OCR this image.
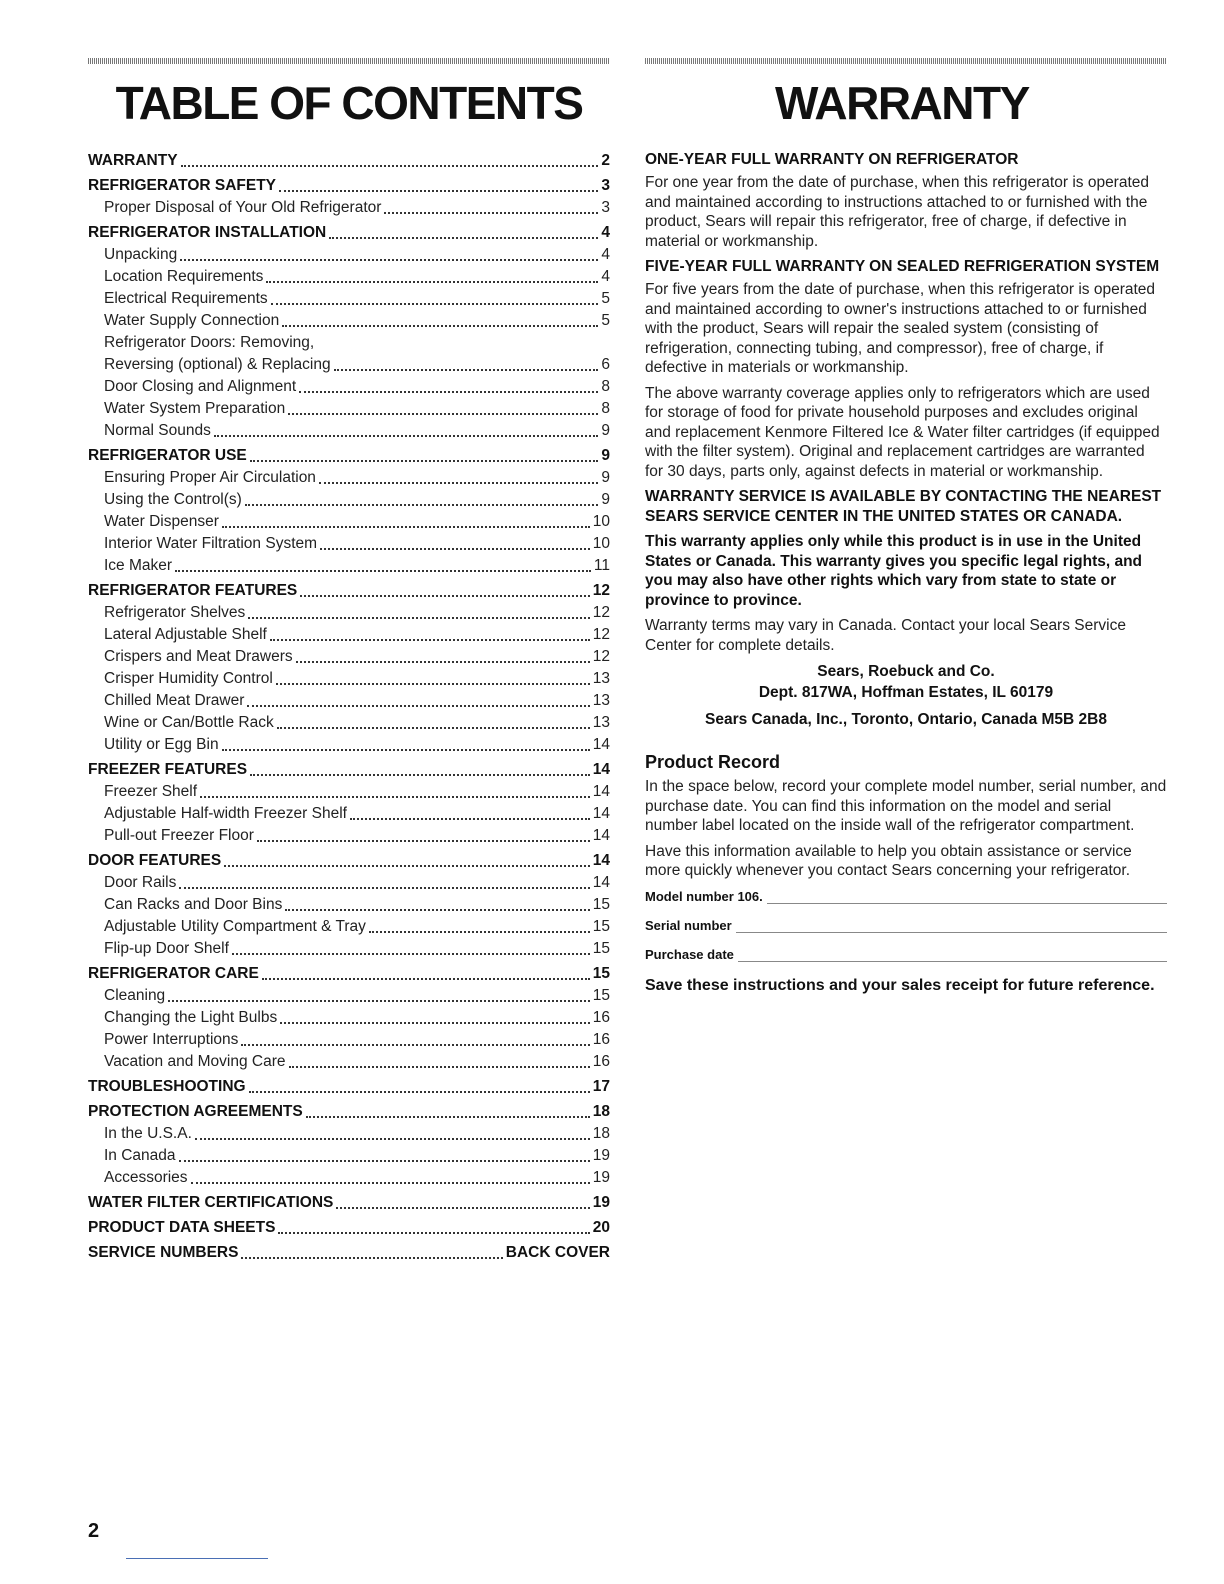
TABLE OF CONTENTS
WARRANTY	2
REFRIGERATOR SAFETY	3
Proper Disposal of Your Old Refrigerator	3
REFRIGERATOR INSTALLATION	4
Unpacking	4
Location Requirements	4
Electrical Requirements	5
Water Supply Connection	5
Refrigerator Doors: Removing,
Reversing (optional) & Replacing	6
Door Closing and Alignment	8
Water System Preparation	8
Normal Sounds	9
REFRIGERATOR USE	9
Ensuring Proper Air Circulation	9
Using the Control(s)	9
Water Dispenser	10
Interior Water Filtration System	10
Ice Maker	11
REFRIGERATOR FEATURES	12
Refrigerator Shelves	12
Lateral Adjustable Shelf	12
Crispers and Meat Drawers	12
Crisper Humidity Control	13
Chilled Meat Drawer	13
Wine or Can/Bottle Rack	13
Utility or Egg Bin	14
FREEZER FEATURES	14
Freezer Shelf	14
Adjustable Half-width Freezer Shelf	14
Pull-out Freezer Floor	14
DOOR FEATURES	14
Door Rails	14
Can Racks and Door Bins	15
Adjustable Utility Compartment & Tray	15
Flip-up Door Shelf	15
REFRIGERATOR CARE	15
Cleaning	15
Changing the Light Bulbs	16
Power Interruptions	16
Vacation and Moving Care	16
TROUBLESHOOTING	17
PROTECTION AGREEMENTS	18
In the U.S.A.	18
In Canada	19
Accessories	19
WATER FILTER CERTIFICATIONS	19
PRODUCT DATA SHEETS	20
SERVICE NUMBERS	BACK COVER
WARRANTY

ONE-YEAR FULL WARRANTY ON REFRIGERATOR

For one year from the date of purchase, when this refrigerator is operated and maintained according to instructions attached to or furnished with the product, Sears will repair this refrigerator, free of charge, if defective in material or workmanship.

FIVE-YEAR FULL WARRANTY ON SEALED REFRIGERATION SYSTEM

For five years from the date of purchase, when this refrigerator is operated and maintained according to owner's instructions attached to or furnished with the product, Sears will repair the sealed system (consisting of refrigeration, connecting tubing, and compressor), free of charge, if defective in materials or workmanship.

The above warranty coverage applies only to refrigerators which are used for storage of food for private household purposes and excludes original and replacement Kenmore Filtered Ice & Water filter cartridges (if equipped with the filter system). Original and replacement cartridges are warranted for 30 days, parts only, against defects in material or workmanship.

WARRANTY SERVICE IS AVAILABLE BY CONTACTING THE NEAREST SEARS SERVICE CENTER IN THE UNITED STATES OR CANADA.

This warranty applies only while this product is in use in the United States or Canada. This warranty gives you specific legal rights, and you may also have other rights which vary from state to state or province to province.

Warranty terms may vary in Canada. Contact your local Sears Service Center for complete details.

Sears, Roebuck and Co.
Dept. 817WA, Hoffman Estates, IL 60179
Sears Canada, Inc., Toronto, Ontario, Canada M5B 2B8
Product Record

In the space below, record your complete model number, serial number, and purchase date. You can find this information on the model and serial number label located on the inside wall of the refrigerator compartment.

Have this information available to help you obtain assistance or service more quickly whenever you contact Sears concerning your refrigerator.

Model number 106.
Serial number
Purchase date
Save these instructions and your sales receipt for future reference.
2
